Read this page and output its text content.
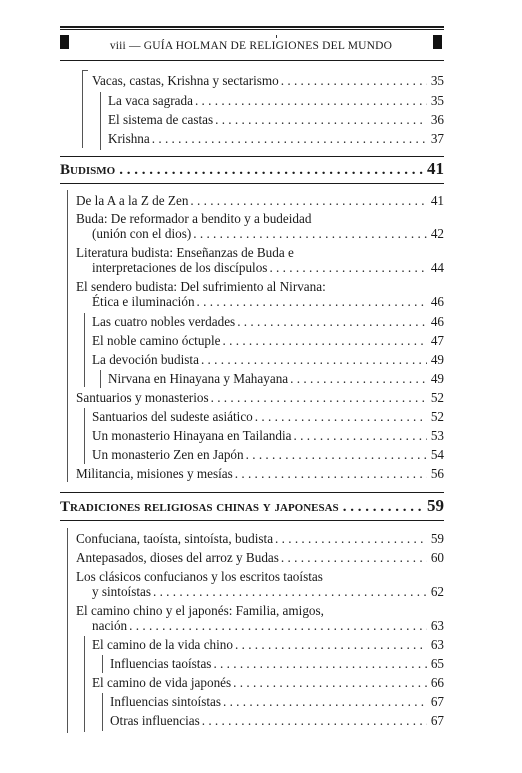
viii — GUÍA HOLMAN DE RELIGIONES DEL MUNDO
Vacas, castas, Krishna y sectarismo . . .	35
La vaca sagrada . . .	35
El sistema de castas . . .	36
Krishna . . .	37
Budismo . . .	41
De la A a la Z de Zen . . .	41
Buda: De reformador a bendito y a budeidad
(unión con el dios) . . .	42
Literatura budista: Enseñanzas de Buda e
interpretaciones de los discípulos . . .	44
El sendero budista: Del sufrimiento al Nirvana:
Ética e iluminación . . .	46
Las cuatro nobles verdades . . .	46
El noble camino óctuple . . .	47
La devoción budista . . .	49
Nirvana en Hinayana y Mahayana . . .	49
Santuarios y monasterios . . .	52
Santuarios del sudeste asiático . . .	52
Un monasterio Hinayana en Tailandia . . .	53
Un monasterio Zen en Japón . . .	54
Militancia, misiones y mesías . . .	56
Tradiciones religiosas chinas y japonesas . . .	59
Confuciana, taoísta, sintoísta, budista . . .	59
Antepasados, dioses del arroz y Budas . . .	60
Los clásicos confucianos y los escritos taoístas
y sintoístas . . .	62
El camino chino y el japonés: Familia, amigos,
nación . . .	63
El camino de la vida chino . . .	63
Influencias taoístas . . .	65
El camino de vida japonés . . .	66
Influencias sintoístas . . .	67
Otras influencias . . .	67
